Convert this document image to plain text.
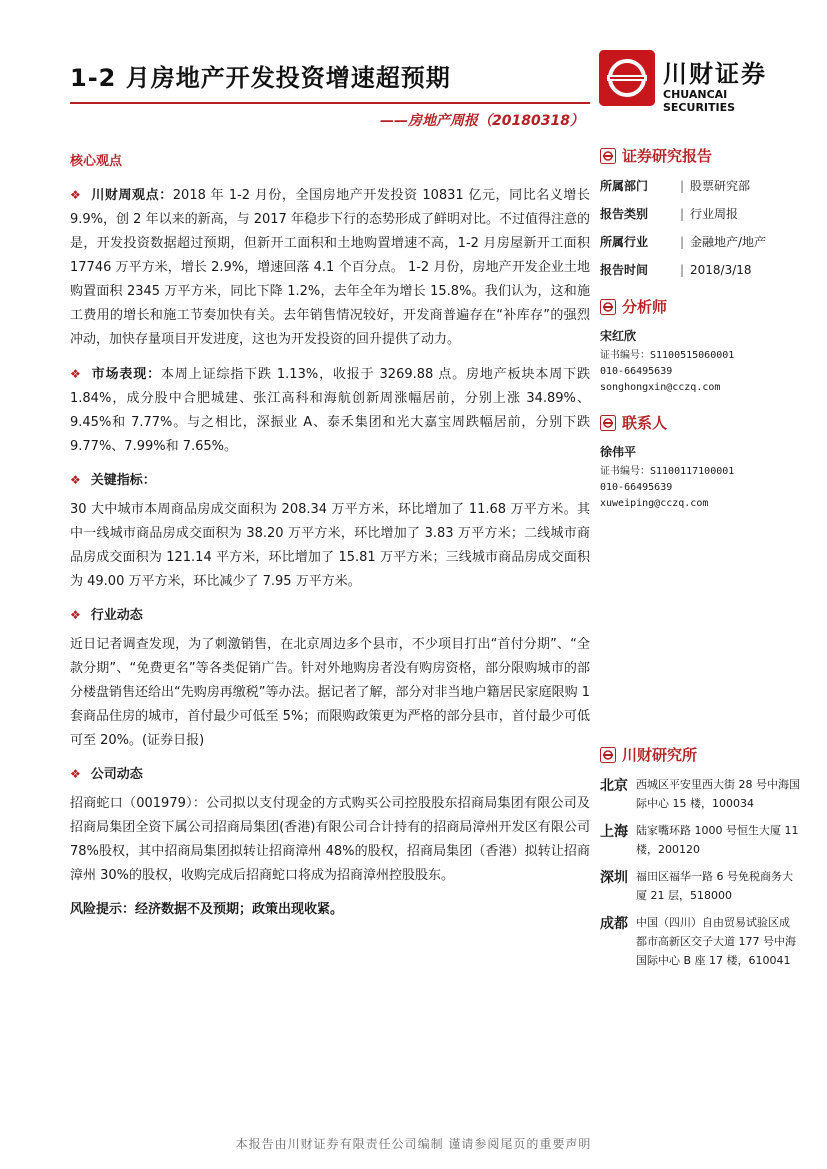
1-2 月房地产开发投资增速超预期
——房地产周报（20180318）
川财证券
CHUANCAI SECURITIES
核心观点

❖ 川财周观点：2018 年 1-2 月份，全国房地产开发投资 10831 亿元，同比名义增长 9.9%，创 2 年以来的新高，与 2017 年稳步下行的态势形成了鲜明对比。不过值得注意的是，开发投资数据超过预期，但新开工面积和土地购置增速不高，1-2 月房屋新开工面积 17746 万平方米，增长 2.9%，增速回落 4.1 个百分点。 1-2 月份，房地产开发企业土地购置面积 2345 万平方米，同比下降 1.2%，去年全年为增长 15.8%。我们认为，这和施工费用的增长和施工节奏加快有关。去年销售情况较好，开发商普遍存在“补库存”的强烈冲动，加快存量项目开发进度，这也为开发投资的回升提供了动力。

❖ 市场表现：本周上证综指下跌 1.13%，收报于 3269.88 点。房地产板块本周下跌 1.84%，成分股中合肥城建、张江高科和海航创新周涨幅居前，分别上涨 34.89%、9.45%和 7.77%。与之相比，深振业 A、泰禾集团和光大嘉宝周跌幅居前，分别下跌 9.77%、7.99%和 7.65%。

❖ 关键指标：

30 大中城市本周商品房成交面积为 208.34 万平方米，环比增加了 11.68 万平方米。其中一线城市商品房成交面积为 38.20 万平方米，环比增加了 3.83 万平方米；二线城市商品房成交面积为 121.14 平方米，环比增加了 15.81 万平方米；三线城市商品房成交面积为 49.00 万平方米，环比减少了 7.95 万平方米。

❖ 行业动态

近日记者调查发现，为了刺激销售，在北京周边多个县市，不少项目打出“首付分期”、“全款分期”、“免费更名”等各类促销广告。针对外地购房者没有购房资格，部分限购城市的部分楼盘销售还给出“先购房再缴税”等办法。据记者了解，部分对非当地户籍居民家庭限购 1 套商品住房的城市，首付最少可低至 5%；而限购政策更为严格的部分县市，首付最少可低可至 20%。(证券日报)

❖ 公司动态

招商蛇口（001979）：公司拟以支付现金的方式购买公司控股股东招商局集团有限公司及招商局集团全资下属公司招商局集团(香港)有限公司合计持有的招商局漳州开发区有限公司 78%股权，其中招商局集团拟转让招商漳州 48%的股权，招商局集团（香港）拟转让招商漳州 30%的股权，收购完成后招商蛇口将成为招商漳州控股股东。

风险提示：经济数据不及预期；政策出现收紧。
证券研究报告
所属部门	| 股票研究部
报告类别	| 行业周报
所属行业	| 金融地产/地产
报告时间	| 2018/3/18
分析师
宋红欣
证书编号：S1100515060001
010-66495639
songhongxin@cczq.com
联系人
徐伟平
证书编号：S1100117100001
010-66495639
xuweiping@cczq.com
川财研究所
北京 西城区平安里西大街 28 号中海国际中心 15 楼，100034
上海 陆家嘴环路 1000 号恒生大厦 11 楼，200120
深圳 福田区福华一路 6 号免税商务大厦 21 层，518000
成都 中国（四川）自由贸易试验区成都市高新区交子大道 177 号中海国际中心 B 座 17 楼，610041
本报告由川财证券有限责任公司编制 谨请参阅尾页的重要声明
